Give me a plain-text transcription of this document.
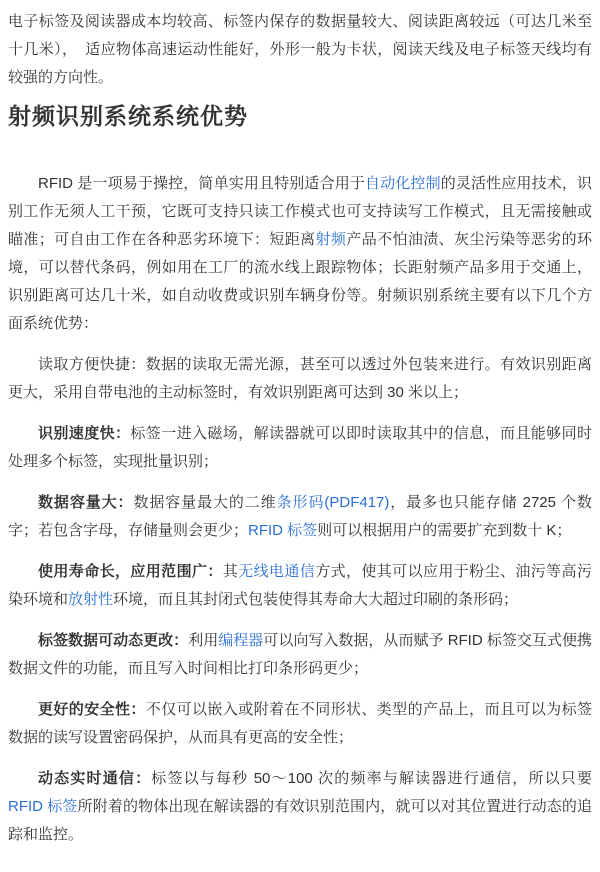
电子标签及阅读器成本均较高、标签内保存的数据量较大、阅读距离较远（可达几米至十几米），　适应物体高速运动性能好，外形一般为卡状，阅读天线及电子标签天线均有较强的方向性。

射频识别系统系统优势

RFID 是一项易于操控，简单实用且特别适合用于自动化控制的灵活性应用技术，识别工作无须人工干预，它既可支持只读工作模式也可支持读写工作模式，且无需接触或瞄准；可自由工作在各种恶劣环境下：短距离射频产品不怕油渍、灰尘污染等恶劣的环境，可以替代条码，例如用在工厂的流水线上跟踪物体；长距射频产品多用于交通上，识别距离可达几十米，如自动收费或识别车辆身份等。射频识别系统主要有以下几个方面系统优势：

读取方便快捷：数据的读取无需光源，甚至可以透过外包装来进行。有效识别距离更大，采用自带电池的主动标签时，有效识别距离可达到 30 米以上；

识别速度快：标签一进入磁场，解读器就可以即时读取其中的信息，而且能够同时处理多个标签，实现批量识别；

数据容量大：数据容量最大的二维条形码(PDF417)，最多也只能存储 2725 个数字；若包含字母，存储量则会更少；RFID 标签则可以根据用户的需要扩充到数十 K；

使用寿命长，应用范围广：其无线电通信方式，使其可以应用于粉尘、油污等高污染环境和放射性环境，而且其封闭式包装使得其寿命大大超过印刷的条形码；

标签数据可动态更改：利用编程器可以向写入数据，从而赋予 RFID 标签交互式便携数据文件的功能，而且写入时间相比打印条形码更少；

更好的安全性：不仅可以嵌入或附着在不同形状、类型的产品上，而且可以为标签数据的读写设置密码保护，从而具有更高的安全性；

动态实时通信：标签以与每秒 50～100 次的频率与解读器进行通信，所以只要 RFID 标签所附着的物体出现在解读器的有效识别范围内，就可以对其位置进行动态的追踪和监控。
